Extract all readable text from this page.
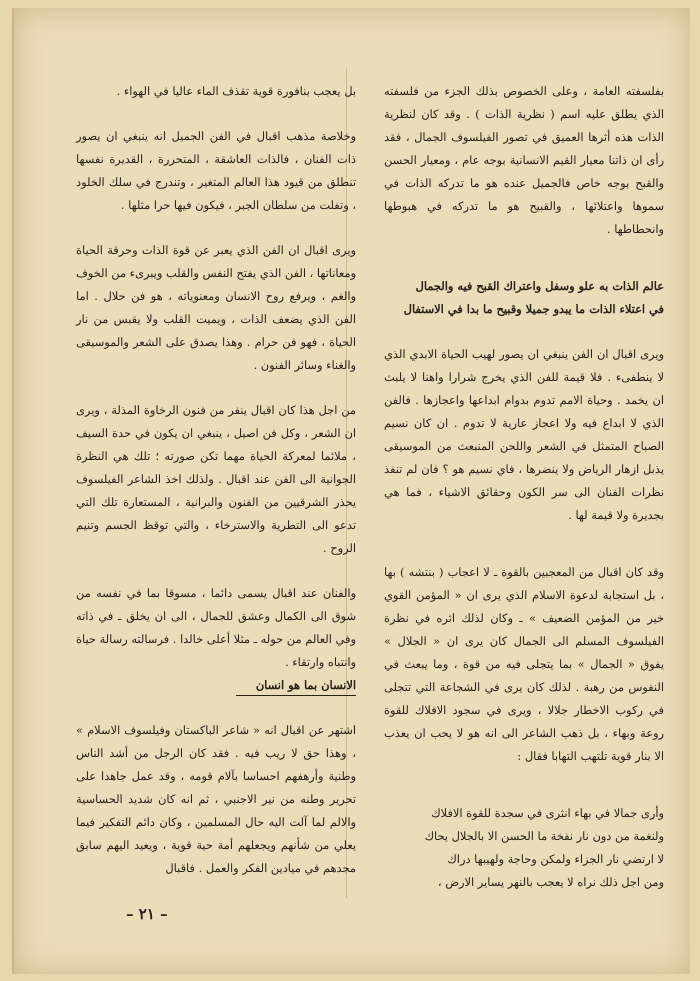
بفلسفته العامة ، وعلى الخصوص بذلك الجزء من فلسفته الذي يطلق عليه اسم ( نظرية الذات ) . وقد كان لنظرية الذات هذه أثرها العميق في تصور الفيلسوف الجمال ، فقد رأى ان ذاتنا معيار القيم الانسانية بوجه عام ، ومعيار الحسن والقبح بوجه خاص فالجميل عنده هو ما تدركه الذات في سموها واعتلائها ، والقبيح هو ما تدركه في هبوطها وانحطاطها .

عالم الذات به علو وسفل واعتراك القبح فيه والجمال

في اعتلاء الذات ما يبدو جميلا وقبيح ما بدا في الاستفال

ويرى اقبال ان الفن ينبغي ان يصور لهيب الحياة الابدي الذي لا ينطفىء . فلا قيمة للفن الذي يخرج شرارا واهنا لا يلبث ان يخمد . وحياة الامم تدوم بدوام ابداعها واعجازها . فالفن الذي لا ابداع فيه ولا اعجاز عارية لا تدوم . ان كان نسيم الصباح المتمثل في الشعر واللحن المنبعث من الموسيقى يذبل ازهار الرياض ولا ينضرها ، فاي نسيم هو ؟ فان لم تنفذ نظرات الفنان الى سر الكون وحقائق الاشياء ، فما هي بجديرة ولا قيمة لها .

وقد كان اقبال من المعجبين بالقوة ـ لا اعجاب ( بنتشه ) بها ، بل استجابة لدعوة الاسلام الذي يرى ان « المؤمن القوي خير من المؤمن الضعيف » ـ وكان لذلك اثره في نظرة الفيلسوف المسلم الى الجمال كان يرى ان « الجلال » يفوق « الجمال » بما يتجلى فيه من قوة ، وما يبعث في النفوس من رهبة . لذلك كان يرى في الشجاعة التي تتجلى في ركوب الاخطار جلالا ، ويرى في سجود الافلاك للقوة روعة وبهاء ، بل ذهب الشاعر الى انه هو لا يحب ان يعذب الا بنار قوية تلتهب التهابا فقال :

وأرى جمالا في بهاء انثرى في سجدة للقوة الافلاك

ولنغمة من دون نار نفخة ما الحسن الا بالجلال يحاك

لا ارتضي نار الجزاء ولمكن وحاجة ولهيبها دراك

ومن اجل ذلك نراه لا يعجب بالنهر يساير الارض ،

بل يعجب بنافورة قوية تقذف الماء عاليا في الهواء .

وخلاصة مذهب اقبال في الفن الجميل انه ينبغي ان يصور ذات الفنان ، فالذات العاشقة ، المتحررة ، القديرة نفسها تنطلق من قيود هذا العالم المتغير ، وتندرج في سلك الخلود ، وتفلت من سلطان الجبر ، فيكون فيها حرا مثلها .

ويرى اقبال ان الفن الذي يعبر عن قوة الذات وحرقة الحياة ومعاناتها ، الفن الذي يفتح النفس والقلب ويبرىء من الخوف والغم ، ويرفع روح الانسان ومعنوياته ، هو فن حلال . اما الفن الذي يضعف الذات ، ويميت القلب ولا يقبس من نار الحياة ، فهو فن حرام . وهذا يصدق على الشعر والموسيقى والغناء وسائر الفنون .

من اجل هذا كان اقبال ينفر من فنون الرخاوة المذلة ، ويرى ان الشعر ، وكل فن اصيل ، ينبغي ان يكون في حدة السيف ، ملائما لمعركة الحياة مهما تكن صورته ؛ تلك هي النظرة الجوانية الى الفن عند اقبال . ولذلك اخذ الشاعر الفيلسوف يحذر الشرقيين من الفنون والبرانية ، المستعارة تلك التي تدعو الى التطرية والاسترخاء ، والتي توقظ الجسم وتنيم الروح .

والفنان عند اقبال يسمى دائما ، مسوقا بما في نفسه من شوق الى الكمال وعشق للجمال ، الى ان يخلق ـ في ذاته وفي العالم من حوله ـ مثلا أعلى خالدا . فرسالته رسالة حياة وانتباه وارتقاء .

الانسان بما هو انسان

اشتهر عن اقبال انه « شاعر الباكستان وفيلسوف الاسلام » ، وهذا حق لا ريب فيه . فقد كان الرجل من أشد الناس وطنية وأرهفهم احساسا بآلام قومه ، وقد عمل جاهدا على تحرير وطنه من نير الاجنبي ، ثم انه كان شديد الحساسية والالم لما آلت اليه حال المسلمين ، وكان دائم التفكير فيما يعلي من شأنهم ويجعلهم أمة حية قوية ، ويعيد اليهم سابق مجدهم في ميادين الفكر والعمل . فاقبال

– ٢١ –
